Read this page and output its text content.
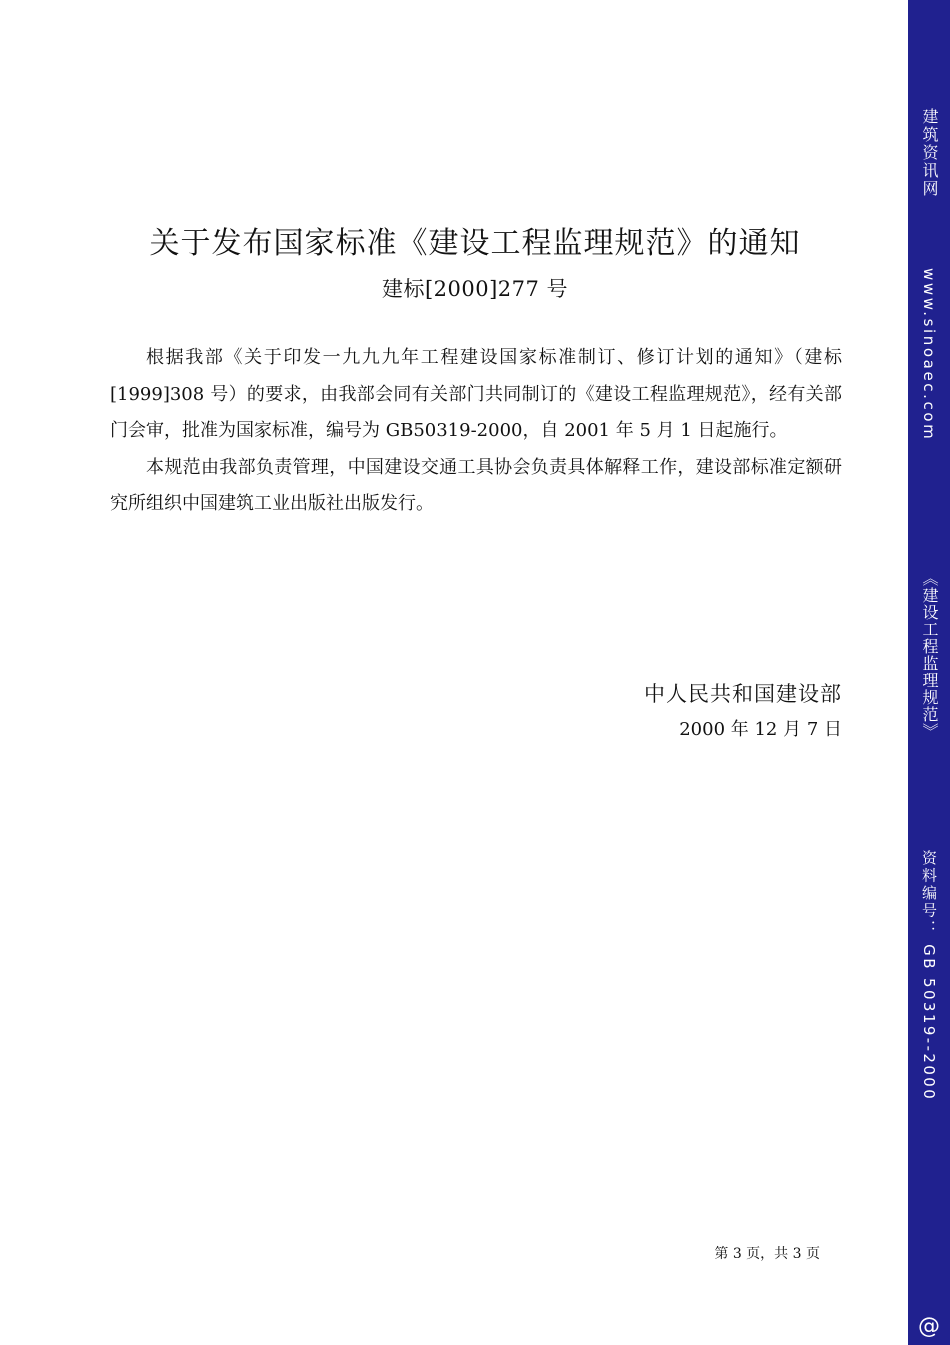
关于发布国家标准《建设工程监理规范》的通知
建标[2000]277 号

根据我部《关于印发一九九九年工程建设国家标准制订、修订计划的通知》（建标[1999]308 号）的要求，由我部会同有关部门共同制订的《建设工程监理规范》，经有关部门会审，批准为国家标准，编号为 GB50319-2000，自 2001 年 5 月 1 日起施行。

本规范由我部负责管理，中国建设交通工具协会负责具体解释工作，建设部标准定额研究所组织中国建筑工业出版社出版发行。

中人民共和国建设部
2000 年 12 月 7 日
第 3 页，共 3 页
建筑资讯网
www.sinoaec.com
《建设工程监理规范》
资料编号： GB 50319--2000
@
